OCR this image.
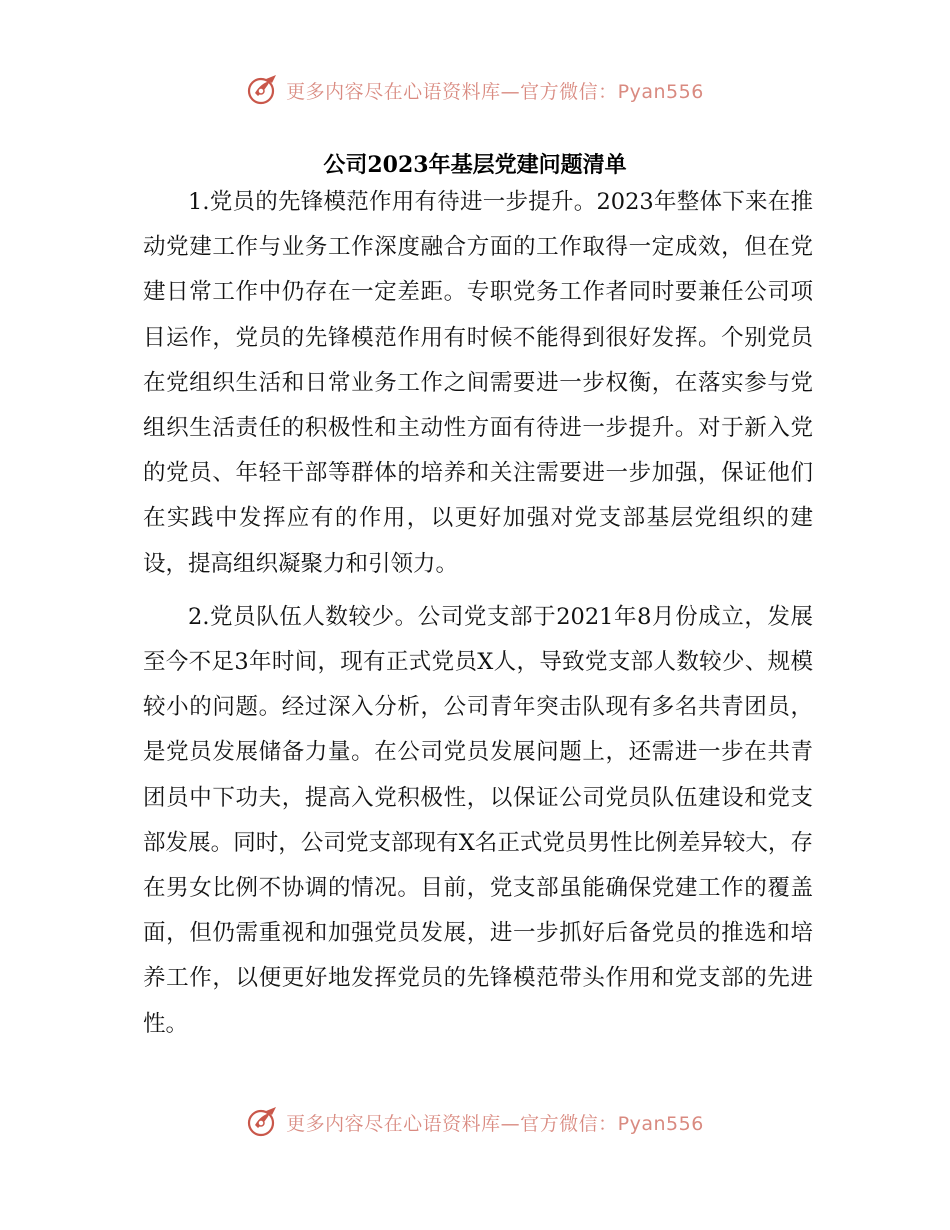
更多内容尽在心语资料库—官方微信：Pyan556
公司2023年基层党建问题清单

1.党员的先锋模范作用有待进一步提升。2023年整体下来在推动党建工作与业务工作深度融合方面的工作取得一定成效，但在党建日常工作中仍存在一定差距。专职党务工作者同时要兼任公司项目运作，党员的先锋模范作用有时候不能得到很好发挥。个别党员在党组织生活和日常业务工作之间需要进一步权衡，在落实参与党组织生活责任的积极性和主动性方面有待进一步提升。对于新入党的党员、年轻干部等群体的培养和关注需要进一步加强，保证他们在实践中发挥应有的作用，以更好加强对党支部基层党组织的建设，提高组织凝聚力和引领力。

2.党员队伍人数较少。公司党支部于2021年8月份成立，发展至今不足3年时间，现有正式党员X人，导致党支部人数较少、规模较小的问题。经过深入分析，公司青年突击队现有多名共青团员，是党员发展储备力量。在公司党员发展问题上，还需进一步在共青团员中下功夫，提高入党积极性，以保证公司党员队伍建设和党支部发展。同时，公司党支部现有X名正式党员男性比例差异较大，存在男女比例不协调的情况。目前，党支部虽能确保党建工作的覆盖面，但仍需重视和加强党员发展，进一步抓好后备党员的推选和培养工作，以便更好地发挥党员的先锋模范带头作用和党支部的先进性。

更多内容尽在心语资料库—官方微信：Pyan556
